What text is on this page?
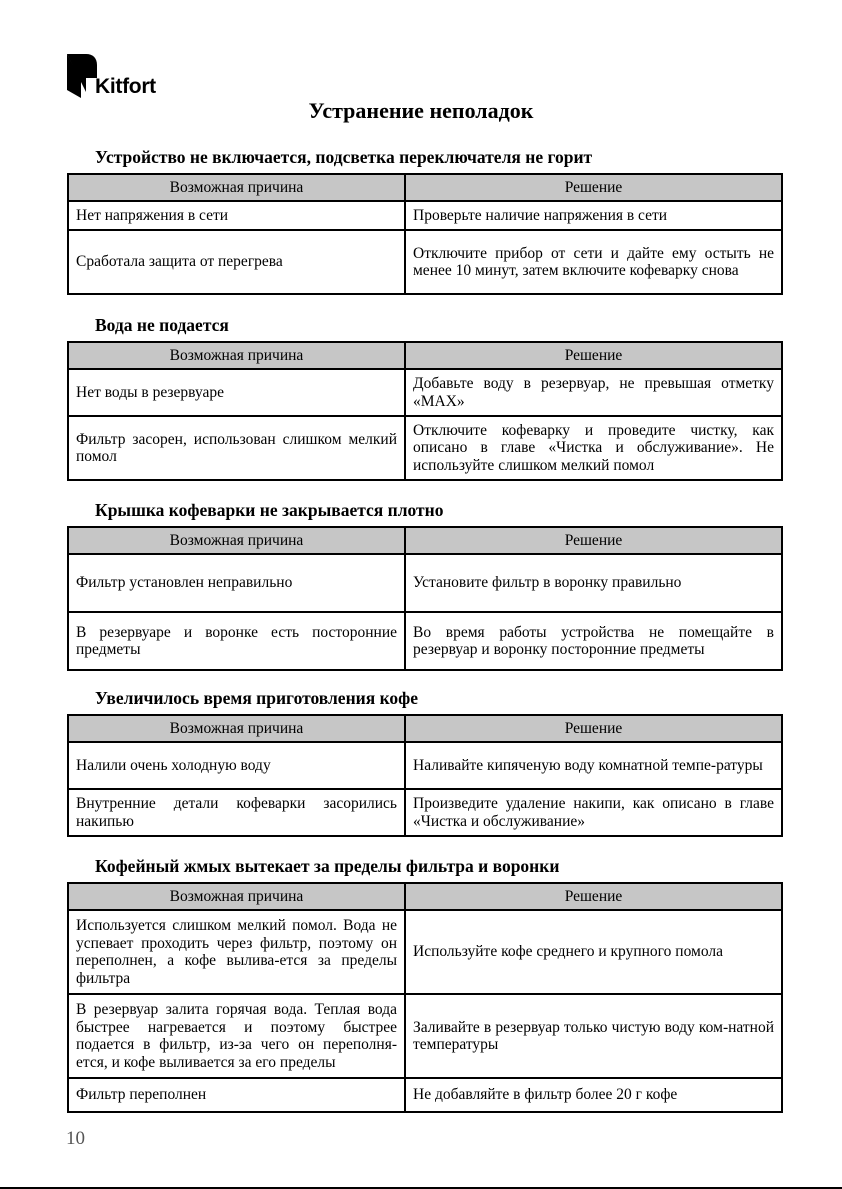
Kitfort
Устранение неполадок
Устройство не включается, подсветка переключателя не горит
Возможная причина	Решение
Нет напряжения в сети	Проверьте наличие напряжения в сети
Сработала защита от перегрева	Отключите прибор от сети и дайте ему остыть не менее 10 минут, затем включите кофеварку снова
Вода не подается
Возможная причина	Решение
Нет воды в резервуаре	Добавьте воду в резервуар, не превышая отметку «MAX»
Фильтр засорен, использован слишком мелкий помол	Отключите кофеварку и проведите чистку, как описано в главе «Чистка и обслуживание». Не используйте слишком мелкий помол
Крышка кофеварки не закрывается плотно
Возможная причина	Решение
Фильтр установлен неправильно	Установите фильтр в воронку правильно
В резервуаре и воронке есть посторонние предметы	Во время работы устройства не помещайте в резервуар и воронку посторонние предметы
Увеличилось время приготовления кофе
Возможная причина	Решение
Налили очень холодную воду	Наливайте кипяченую воду комнатной темпе-ратуры
Внутренние детали кофеварки засорились накипью	Произведите удаление накипи, как описано в главе «Чистка и обслуживание»
Кофейный жмых вытекает за пределы фильтра и воронки
Возможная причина	Решение
Используется слишком мелкий помол. Вода не успевает проходить через фильтр, поэтому он переполнен, а кофе вылива-ется за пределы фильтра	Используйте кофе среднего и крупного помола
В резервуар залита горячая вода. Теплая вода быстрее нагревается и поэтому быстрее подается в фильтр, из-за чего он переполня-ется, и кофе выливается за его пределы	Заливайте в резервуар только чистую воду ком-натной температуры
Фильтр переполнен	Не добавляйте в фильтр более 20 г кофе
10
